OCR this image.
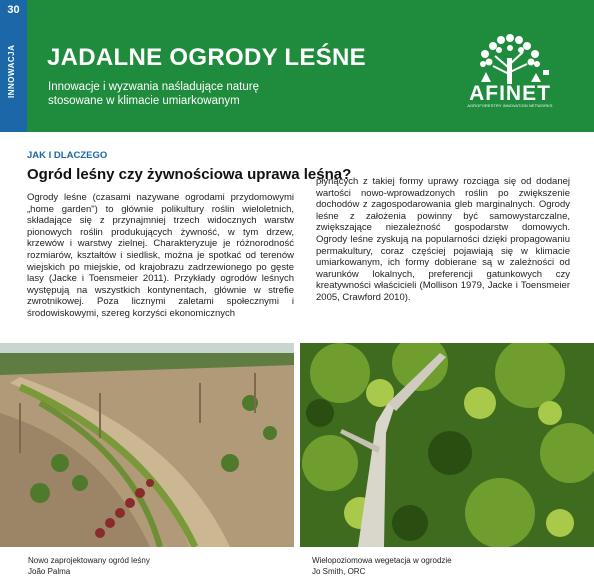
30
INNOWACJA JADALNE OGRODY LEŚNE
Innowacje i wyzwania naśladujące naturę stosowane w klimacie umiarkowanym	AFINET
AGROFORESTRY INNOVATION NETWORKS
JAK I DLACZEGO
Ogród leśny czy żywnościowa uprawa leśna?
Ogrody leśne (czasami nazywane ogrodami przydomowymi „home garden") to głównie polikultury roślin wieloletnich, składające się z przynajmniej trzech widocznych warstw pionowych roślin produkujących żywność, w tym drzew, krzewów i warstwy zielnej. Charakteryzuje je różnorodność rozmiarów, kształtów i siedlisk, można je spotkać od terenów wiejskich po miejskie, od krajobrazu zadrzewionego po gęste lasy (Jacke i Toensmeier 2011). Przykłady ogrodów leśnych występują na wszystkich kontynentach, głównie w strefie zwrotnikowej. Poza licznymi zaletami społecznymi i środowiskowymi, szereg korzyści ekonomicznych
płynących z takiej formy uprawy rozciąga się od dodanej wartości nowo-wprowadzonych roślin po zwiększenie dochodów z zagospodarowania gleb marginalnych. Ogrody leśne z założenia powinny być samowystarczalne, zwiększające niezależność gospodarstw domowych. Ogrody leśne zyskują na popularności dzięki propagowaniu permakultury, coraz częściej pojawiają się w klimacie umiarkowanym, ich formy dobierane są w zależności od warunków lokalnych, preferencji gatunkowych czy kreatywności właścicieli (Mollison 1979, Jacke i Toensmeier 2005, Crawford 2010).
Nowo zaprojektowany ogród leśny
João Palma
Wielopoziomowa wegetacja w ogrodzie
Jo Smith, ORC
